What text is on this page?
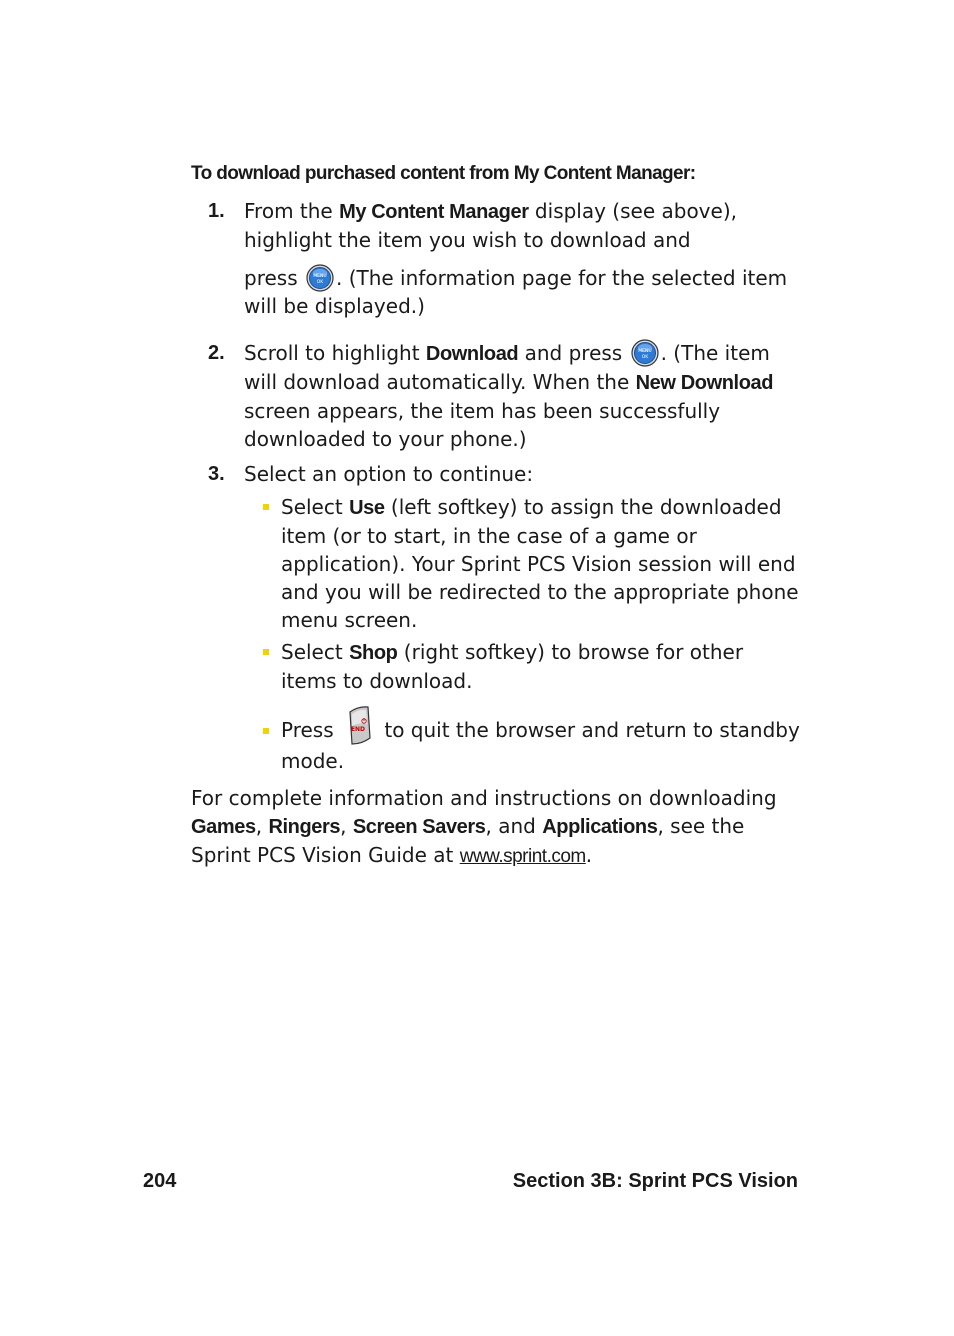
To download purchased content from My Content Manager:
1. From the My Content Manager display (see above), highlight the item you wish to download and
press MENU
OK . (The information page for the selected item will be displayed.)
2. Scroll to highlight Download and press MENU
OK . (The item will download automatically. When the New Download screen appears, the item has been successfully downloaded to your phone.)
3. Select an option to continue:
Select Use (left softkey) to assign the downloaded item (or to start, in the case of a game or application). Your Sprint PCS Vision session will end and you will be redirected to the appropriate phone menu screen.
Select Shop (right softkey) to browse for other items to download.
Press END to quit the browser and return to standby mode.
For complete information and instructions on downloading Games, Ringers, Screen Savers, and Applications, see the Sprint PCS Vision Guide at www.sprint.com.
204	Section 3B: Sprint PCS Vision
